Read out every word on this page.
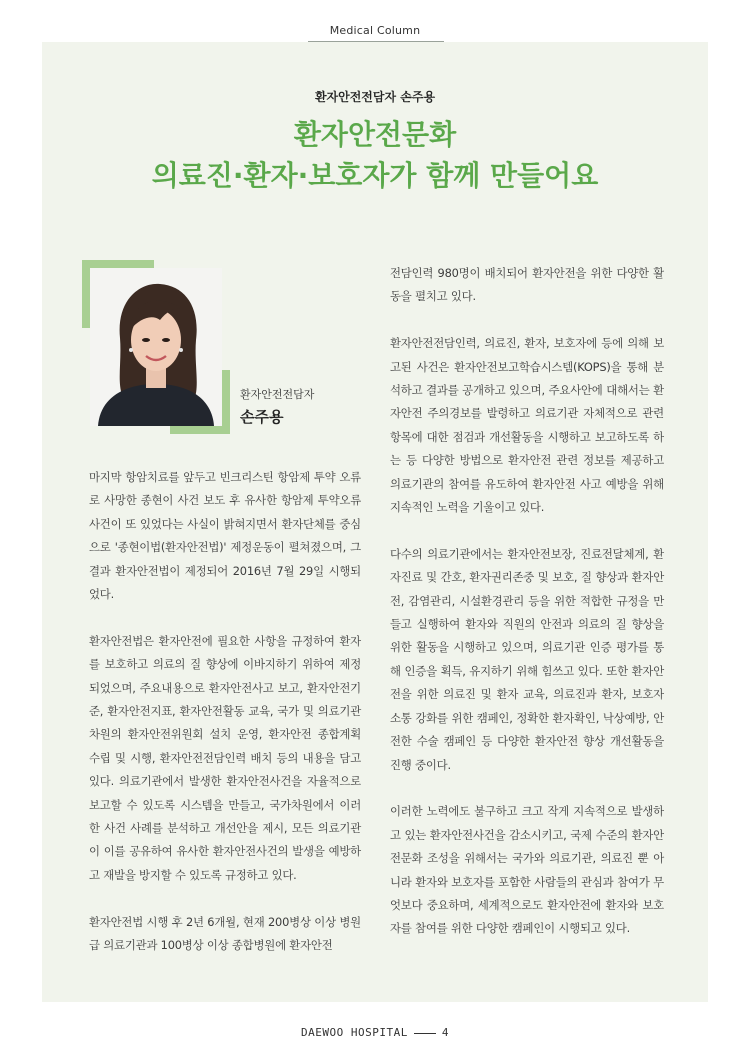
Medical Column
환자안전전담자 손주용
환자안전문화
의료진·환자·보호자가 함께 만들어요
환자안전전담자
손주용

마지막 항암치료를 앞두고 빈크리스틴 항암제 투약 오류로 사망한 종현이 사건 보도 후 유사한 항암제 투약오류 사건이 또 있었다는 사실이 밝혀지면서 환자단체를 중심으로 '종현이법(환자안전법)' 제정운동이 펼쳐졌으며, 그 결과 환자안전법이 제정되어 2016년 7월 29일 시행되었다.

환자안전법은 환자안전에 필요한 사항을 규정하여 환자를 보호하고 의료의 질 향상에 이바지하기 위하여 제정되었으며, 주요내용으로 환자안전사고 보고, 환자안전기준, 환자안전지표, 환자안전활동 교육, 국가 및 의료기관차원의 환자안전위원회 설치 운영, 환자안전 종합계획 수립 및 시행, 환자안전전담인력 배치 등의 내용을 담고 있다. 의료기관에서 발생한 환자안전사건을 자율적으로 보고할 수 있도록 시스템을 만들고, 국가차원에서 이러한 사건 사례를 분석하고 개선안을 제시, 모든 의료기관이 이를 공유하여 유사한 환자안전사건의 발생을 예방하고 재발을 방지할 수 있도록 규정하고 있다.

환자안전법 시행 후 2년 6개월, 현재 200병상 이상 병원급 의료기관과 100병상 이상 종합병원에 환자안전

전담인력 980명이 배치되어 환자안전을 위한 다양한 활동을 펼치고 있다.

환자안전전담인력, 의료진, 환자, 보호자에 등에 의해 보고된 사건은 환자안전보고학습시스템(KOPS)을 통해 분석하고 결과를 공개하고 있으며, 주요사안에 대해서는 환자안전 주의경보를 발령하고 의료기관 자체적으로 관련 항목에 대한 점검과 개선활동을 시행하고 보고하도록 하는 등 다양한 방법으로 환자안전 관련 정보를 제공하고 의료기관의 참여를 유도하여 환자안전 사고 예방을 위해 지속적인 노력을 기울이고 있다.

다수의 의료기관에서는 환자안전보장, 진료전달체계, 환자진료 및 간호, 환자권리존중 및 보호, 질 향상과 환자안전, 감염관리, 시설환경관리 등을 위한 적합한 규정을 만들고 실행하여 환자와 직원의 안전과 의료의 질 향상을 위한 활동을 시행하고 있으며, 의료기관 인증 평가를 통해 인증을 획득, 유지하기 위해 힘쓰고 있다. 또한 환자안전을 위한 의료진 및 환자 교육, 의료진과 환자, 보호자 소통 강화를 위한 캠페인, 정확한 환자확인, 낙상예방, 안전한 수술 캠페인 등 다양한 환자안전 향상 개선활동을 진행 중이다.

이러한 노력에도 불구하고 크고 작게 지속적으로 발생하고 있는 환자안전사건을 감소시키고, 국제 수준의 환자안전문화 조성을 위해서는 국가와 의료기관, 의료진 뿐 아니라 환자와 보호자를 포함한 사람들의 관심과 참여가 무엇보다 중요하며, 세계적으로도 환자안전에 환자와 보호자를 참여를 위한 다양한 캠페인이 시행되고 있다.

DAEWOO HOSPITAL	4
